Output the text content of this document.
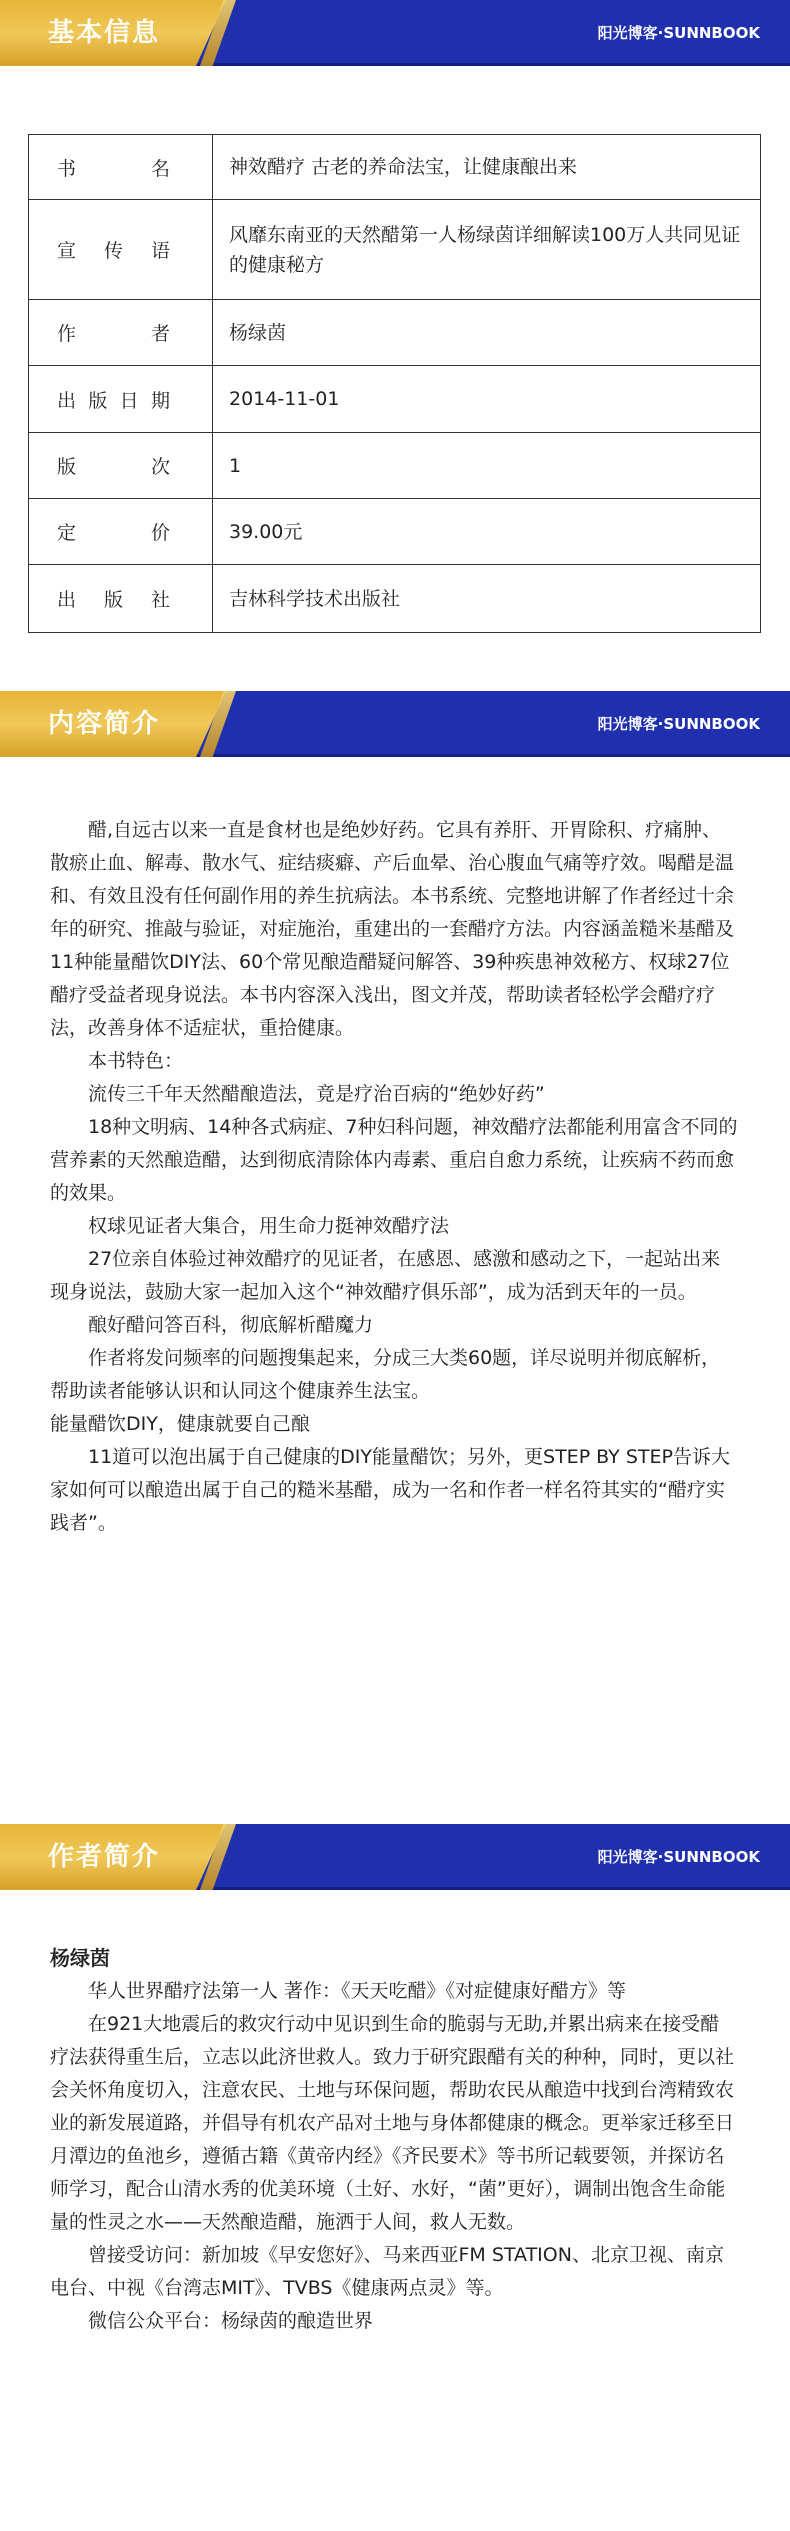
基本信息	阳光博客·SUNNBOOK
书名	神效醋疗 古老的养命法宝，让健康酿出来
宣传语	风靡东南亚的天然醋第一人杨绿茵详细解读100万人共同见证的健康秘方
作者	杨绿茵
出版日期	2014-11-01
版次	1
定价	39.00元
出版社	吉林科学技术出版社
内容简介	阳光博客·SUNNBOOK

醋,自远古以来一直是食材也是绝妙好药。它具有养肝、开胃除积、疗痛肿、散瘀止血、解毒、散水气、症结痰癖、产后血晕、治心腹血气痛等疗效。喝醋是温和、有效且没有任何副作用的养生抗病法。本书系统、完整地讲解了作者经过十余年的研究、推敲与验证，对症施治，重建出的一套醋疗方法。内容涵盖糙米基醋及11种能量醋饮DIY法、60个常见酿造醋疑问解答、39种疾患神效秘方、权球27位醋疗受益者现身说法。本书内容深入浅出，图文并茂，帮助读者轻松学会醋疗疗法，改善身体不适症状，重拾健康。

本书特色：

流传三千年天然醋酿造法，竟是疗治百病的“绝妙好药”

18种文明病、14种各式病症、7种妇科问题，神效醋疗法都能利用富含不同的营养素的天然酿造醋，达到彻底清除体内毒素、重启自愈力系统，让疾病不药而愈的效果。

权球见证者大集合，用生命力挺神效醋疗法

27位亲自体验过神效醋疗的见证者，在感恩、感激和感动之下，一起站出来现身说法，鼓励大家一起加入这个“神效醋疗俱乐部”，成为活到天年的一员。

酿好醋问答百科，彻底解析醋魔力

作者将发问频率的问题搜集起来，分成三大类60题，详尽说明并彻底解析，帮助读者能够认识和认同这个健康养生法宝。

能量醋饮DIY，健康就要自己酿

11道可以泡出属于自己健康的DIY能量醋饮；另外，更STEP BY STEP告诉大家如何可以酿造出属于自己的糙米基醋，成为一名和作者一样名符其实的“醋疗实践者”。

作者简介	阳光博客·SUNNBOOK

杨绿茵

华人世界醋疗法第一人 著作：《天天吃醋》《对症健康好醋方》等

在921大地震后的救灾行动中见识到生命的脆弱与无助,并累出病来在接受醋疗法获得重生后，立志以此济世救人。致力于研究跟醋有关的种种，同时，更以社会关怀角度切入，注意农民、土地与环保问题，帮助农民从酿造中找到台湾精致农业的新发展道路，并倡导有机农产品对土地与身体都健康的概念。更举家迁移至日月潭边的鱼池乡，遵循古籍《黄帝内经》《齐民要术》等书所记载要领，并探访名师学习，配合山清水秀的优美环境（土好、水好，“菌”更好），调制出饱含生命能量的性灵之水——天然酿造醋，施洒于人间，救人无数。

曾接受访问：新加坡《早安您好》、马来西亚FM STATION、北京卫视、南京电台、中视《台湾志MIT》、TVBS《健康两点灵》等。

微信公众平台：杨绿茵的酿造世界
